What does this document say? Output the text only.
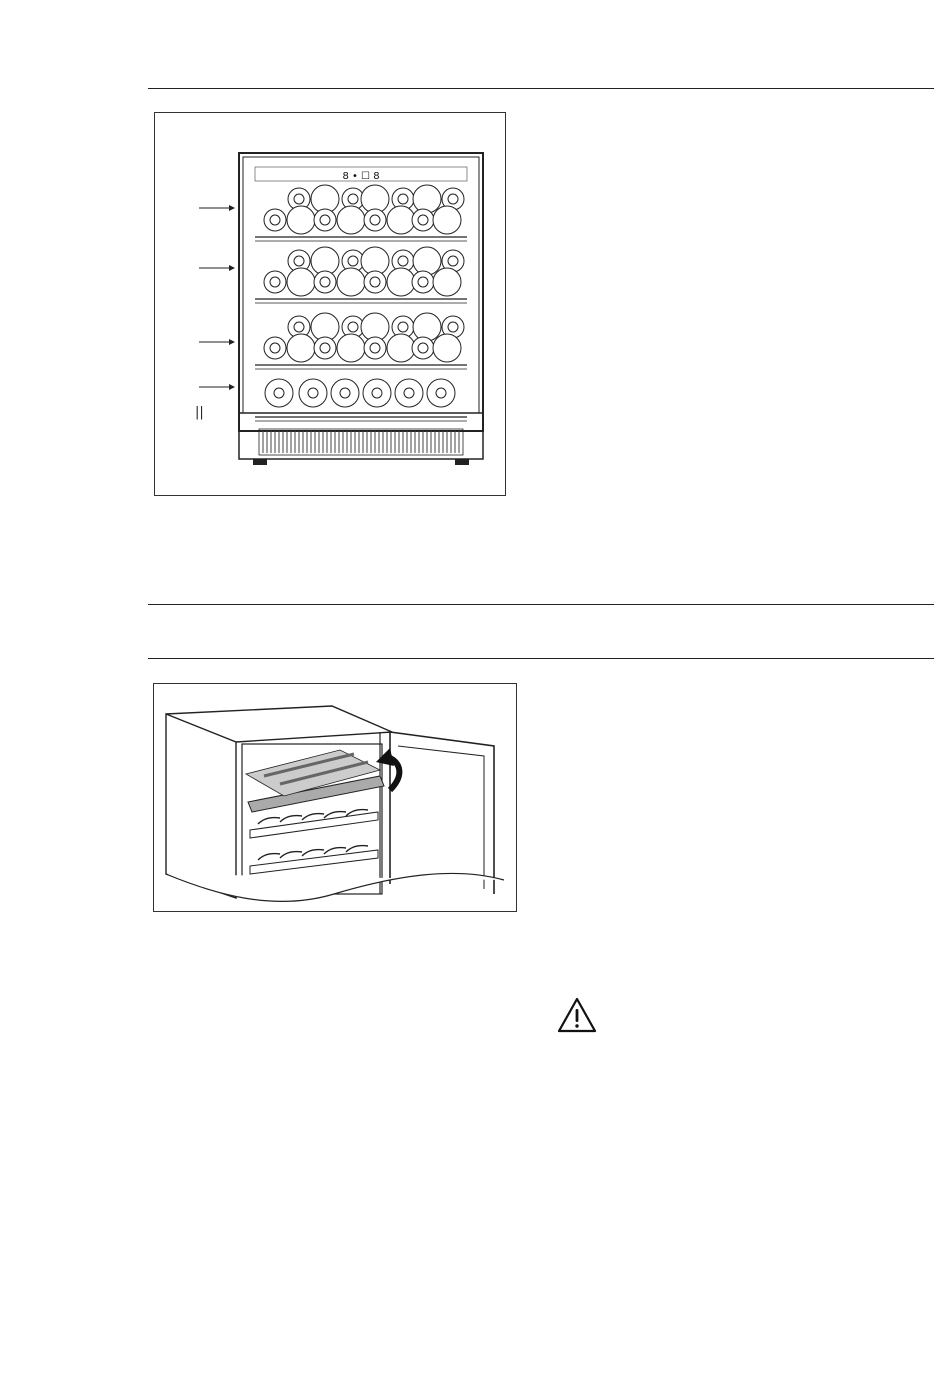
8 • ☐ 8
||
